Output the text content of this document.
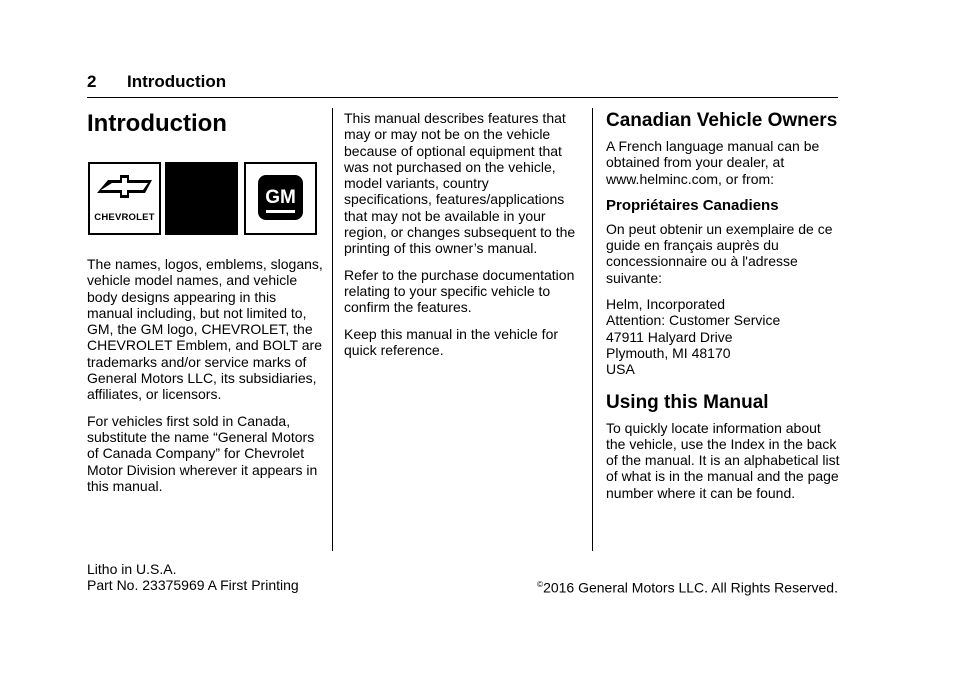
2 Introduction
Introduction
CHEVROLET
GM

The names, logos, emblems, slogans, vehicle model names, and vehicle body designs appearing in this manual including, but not limited to, GM, the GM logo, CHEVROLET, the CHEVROLET Emblem, and BOLT are trademarks and/or service marks of General Motors LLC, its subsidiaries, affiliates, or licensors.

For vehicles first sold in Canada, substitute the name “General Motors of Canada Company” for Chevrolet Motor Division wherever it appears in this manual.

This manual describes features that may or may not be on the vehicle because of optional equipment that was not purchased on the vehicle, model variants, country specifications, features/applications that may not be available in your region, or changes subsequent to the printing of this owner’s manual.

Refer to the purchase documentation relating to your specific vehicle to confirm the features.

Keep this manual in the vehicle for quick reference.

Canadian Vehicle Owners

A French language manual can be obtained from your dealer, at www.helminc.com, or from:

Propriétaires Canadiens

On peut obtenir un exemplaire de ce guide en français auprès du concessionnaire ou à l'adresse suivante:

Helm, Incorporated
Attention: Customer Service
47911 Halyard Drive
Plymouth, MI 48170
USA

Using this Manual

To quickly locate information about the vehicle, use the Index in the back of the manual. It is an alphabetical list of what is in the manual and the page number where it can be found.

Litho in U.S.A.
Part No. 23375969 A First Printing	©2016 General Motors LLC. All Rights Reserved.
